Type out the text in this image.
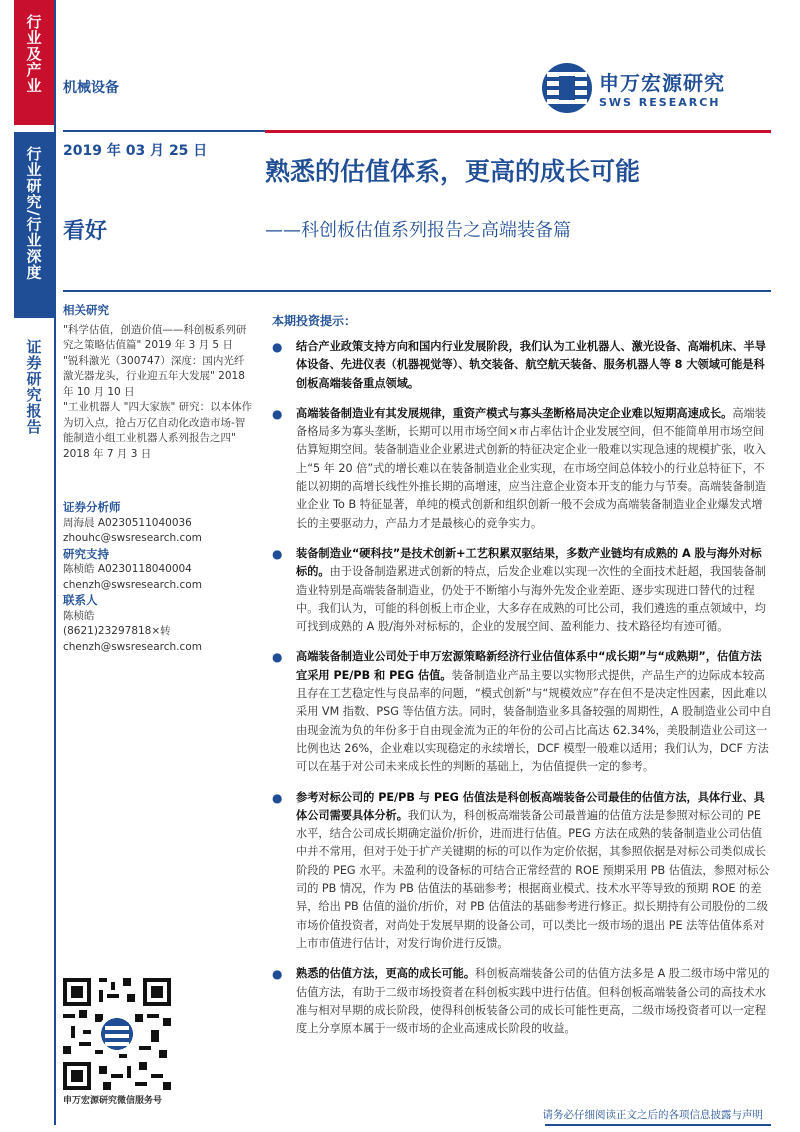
行业及产业
行业研究/行业深度
证券研究报告
机械设备
2019 年 03 月 25 日
看好
申万宏源研究
SWS RESEARCH
熟悉的估值体系，更高的成长可能
——科创板估值系列报告之高端装备篇
相关研究
"科学估值，创造价值——科创板系列研究之策略估值篇" 2019 年 3 月 5 日
"锐科激光（300747）深度：国内光纤激光器龙头，行业迎五年大发展" 2018 年 10 月 10 日
"工业机器人 "四大家族" 研究：以本体作为切入点，抢占万亿自动化改造市场-智能制造小组工业机器人系列报告之四" 2018 年 7 月 3 日
证券分析师
周海晨 A0230511040036
zhouhc@swsresearch.com
研究支持
陈桢皓 A0230118040004
chenzh@swsresearch.com
联系人
陈桢皓
(8621)23297818×转
chenzh@swsresearch.com
申万宏源研究微信服务号
本期投资提示：
● 结合产业政策支持方向和国内行业发展阶段，我们认为工业机器人、激光设备、高端机床、半导体设备、先进仪表（机器视觉等）、轨交装备、航空航天装备、服务机器人等 8 大领域可能是科创板高端装备重点领域。
● 高端装备制造业有其发展规律，重资产模式与寡头垄断格局决定企业难以短期高速成长。高端装备格局多为寡头垄断，长期可以用市场空间×市占率估计企业发展空间，但不能简单用市场空间估算短期空间。装备制造业企业累进式创新的特征决定企业一般难以实现急速的规模扩张，收入上“5 年 20 倍”式的增长难以在装备制造业企业实现，在市场空间总体较小的行业总特征下，不能以初期的高增长线性外推长期的高增速，应当注意企业资本开支的能力与节奏。高端装备制造业企业 To B 特征显著，单纯的模式创新和组织创新一般不会成为高端装备制造业企业爆发式增长的主要驱动力，产品力才是最核心的竞争实力。
● 装备制造业“硬科技”是技术创新+工艺积累双驱结果，多数产业链均有成熟的 A 股与海外对标标的。由于设备制造累进式创新的特点，后发企业难以实现一次性的全面技术赶超，我国装备制造业特别是高端装备制造业，仍处于不断缩小与海外先发企业差距、逐步实现进口替代的过程中。我们认为，可能的科创板上市企业，大多存在成熟的可比公司，我们遴选的重点领域中，均可找到成熟的 A 股/海外对标标的，企业的发展空间、盈利能力、技术路径均有迹可循。
● 高端装备制造业公司处于申万宏源策略新经济行业估值体系中“成长期”与“成熟期”，估值方法宜采用 PE/PB 和 PEG 估值。装备制造业产品主要以实物形式提供，产品生产的边际成本较高且存在工艺稳定性与良品率的问题，“模式创新”与“规模效应”存在但不是决定性因素，因此难以采用 VM 指数、PSG 等估值方法。同时，装备制造业多具备较强的周期性，A 股制造业公司中自由现金流为负的年份多于自由现金流为正的年份的公司占比高达 62.34%，美股制造业公司这一比例也达 26%，企业难以实现稳定的永续增长，DCF 模型一般难以适用；我们认为，DCF 方法可以在基于对公司未来成长性的判断的基础上，为估值提供一定的参考。
● 参考对标公司的 PE/PB 与 PEG 估值法是科创板高端装备公司最佳的估值方法，具体行业、具体公司需要具体分析。我们认为，科创板高端装备公司最普遍的估值方法是参照对标公司的 PE 水平，结合公司成长期确定溢价/折价，进而进行估值。PEG 方法在成熟的装备制造业公司估值中并不常用，但对于处于扩产关键期的标的可以作为定价依据，其参照依据是对标公司类似成长阶段的 PEG 水平。未盈利的设备标的可结合正常经营的 ROE 预期采用 PB 估值法，参照对标公司的 PB 情况，作为 PB 估值法的基础参考；根据商业模式、技术水平等导致的预期 ROE 的差异，给出 PB 估值的溢价/折价，对 PB 估值法的基础参考进行修正。拟长期持有公司股份的二级市场价值投资者，对尚处于发展早期的设备公司，可以类比一级市场的退出 PE 法等估值体系对上市市值进行估计，对发行询价进行反馈。
● 熟悉的估值方法，更高的成长可能。科创板高端装备公司的估值方法多是 A 股二级市场中常见的估值方法，有助于二级市场投资者在科创板实践中进行估值。但科创板高端装备公司的高技术水准与相对早期的成长阶段，使得科创板装备公司的成长可能性更高，二级市场投资者可以一定程度上分享原本属于一级市场的企业高速成长阶段的收益。
请务必仔细阅读正文之后的各项信息披露与声明
